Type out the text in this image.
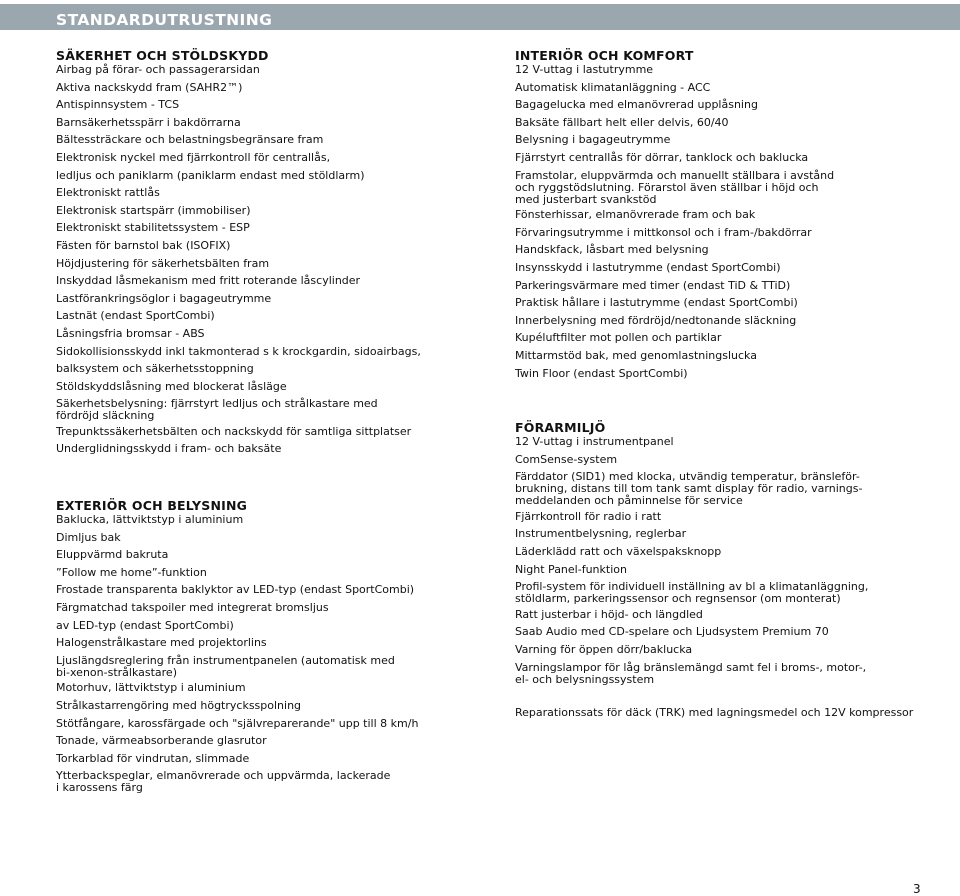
STANDARDUTRUSTNING
SÄKERHET OCH STÖLDSKYDD
Airbag på förar- och passagerarsidan
Aktiva nackskydd fram (SAHR2™)
Antispinnsystem - TCS
Barnsäkerhetsspärr i bakdörrarna
Bältessträckare och belastningsbegränsare fram
Elektronisk nyckel med fjärrkontroll för centrallås,
ledljus och paniklarm (paniklarm endast med stöldlarm)
Elektroniskt rattlås
Elektronisk startspärr (immobiliser)
Elektroniskt stabilitetssystem - ESP
Fästen för barnstol bak (ISOFIX)
Höjdjustering för säkerhetsbälten fram
Inskyddad låsmekanism med fritt roterande låscylinder
Lastförankringsöglor i bagageutrymme
Lastnät (endast SportCombi)
Låsningsfria bromsar - ABS
Sidokollisionsskydd inkl takmonterad s k krockgardin, sidoairbags,
balksystem och säkerhetsstoppning
Stöldskyddslåsning med blockerat låsläge
Säkerhetsbelysning: fjärrstyrt ledljus och strålkastare med
fördröjd släckning
Trepunktssäkerhetsbälten och nackskydd för samtliga sittplatser
Underglidningsskydd i fram- och baksäte
EXTERIÖR OCH BELYSNING
Baklucka, lättviktstyp i aluminium
Dimljus bak
Eluppvärmd bakruta
”Follow me home”-funktion
Frostade transparenta baklyktor av LED-typ (endast SportCombi)
Färgmatchad takspoiler med integrerat bromsljus
av LED-typ (endast SportCombi)
Halogenstrålkastare med projektorlins
Ljuslängdsreglering från instrumentpanelen (automatisk med
bi-xenon-strålkastare)
Motorhuv, lättviktstyp i aluminium
Strålkastarrengöring med högtrycksspolning
Stötfångare, karossfärgade och "självreparerande" upp till 8 km/h
Tonade, värmeabsorberande glasrutor
Torkarblad för vindrutan, slimmade
Ytterbackspeglar, elmanövrerade och uppvärmda, lackerade
i karossens färg
INTERIÖR OCH KOMFORT
12 V-uttag i lastutrymme
Automatisk klimatanläggning - ACC
Bagagelucka med elmanövrerad upplåsning
Baksäte fällbart helt eller delvis, 60/40
Belysning i bagageutrymme
Fjärrstyrt centrallås för dörrar, tanklock och baklucka
Framstolar, eluppvärmda och manuellt ställbara i avstånd
och ryggstödslutning. Förarstol även ställbar i höjd och
med justerbart svankstöd
Fönsterhissar, elmanövrerade fram och bak
Förvaringsutrymme i mittkonsol och i fram-/bakdörrar
Handskfack, låsbart med belysning
Insynsskydd i lastutrymme (endast SportCombi)
Parkeringsvärmare med timer (endast TiD & TTiD)
Praktisk hållare i lastutrymme (endast SportCombi)
Innerbelysning med fördröjd/nedtonande släckning
Kupéluftfilter mot pollen och partiklar
Mittarmstöd bak, med genomlastningslucka
Twin Floor (endast SportCombi)
FÖRARMILJÖ
12 V-uttag i instrumentpanel
ComSense-system
Färddator (SID1) med klocka, utvändig temperatur, bränsleför-
brukning, distans till tom tank samt display för radio, varnings-
meddelanden och påminnelse för service
Fjärrkontroll för radio i ratt
Instrumentbelysning, reglerbar
Läderklädd ratt och växelspaksknopp
Night Panel-funktion
Profil-system för individuell inställning av bl a klimatanläggning,
stöldlarm, parkeringssensor och regnsensor (om monterat)
Ratt justerbar i höjd- och längdled
Saab Audio med CD-spelare och Ljudsystem Premium 70
Varning för öppen dörr/baklucka
Varningslampor för låg bränslemängd samt fel i broms-, motor-,
el- och belysningssystem
Reparationssats för däck (TRK) med lagningsmedel och 12V kompressor
3
